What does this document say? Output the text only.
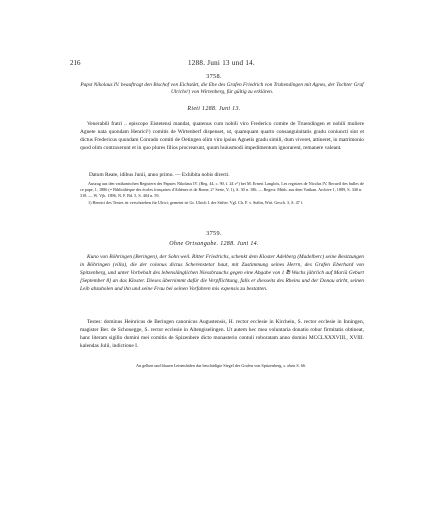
216	1288. Juni 13 und 14.
3758.
Papst Nikolaus IV. beauftragt den Bischof von Eichstätt, die Ehe des Grafen Friedrich von Truhendingen mit Agnes, der Tochter Graf Ulrichs¹) von Wirtenberg, für gültig zu erklären.
Rieti 1288. Juni 13.
Venerabili fratri .. episcopo Eistetensi mandat, quatenus cum nobili viro Frederico comite de Truendingen et nobili muliere Agnete nata quondam Henrici¹) comitis de Wirtenberf dispenset, ut, quamquam quarto consanguinitatis gradu coniuncti sint et dictus Fredericus quondam Conrado comiti de Oetingen olim viro ipsius Agnetis gradu simili, dum viveret, attineret, in matrimonio quod olim contraxerunt et in quo plures filios procrearunt, quum huiusmodi impedimentum ignorarent, remanere valeant.
Datum Reate, idibus Junii, anno primo. — Exhibita nobis directi.
Auszug aus den vatikanischen Registern des Papstes Nikolaus IV. (Reg. 44, c. 90, f. 24 v°) bei M. Ernest Langlois, Les registres de Nicolas IV, Recueil des bulles de ce pape, 1, 1886 (= Bibliothèque des écoles françaises d'Athènes et de Rome, 2° Serie, V, 1), S. 30 n. 186. — Regest: Mitth. aus dem Vatikan. Archive 1, 1889, S. 340 n. 318. — W. Vjh. 1896, N. F. Bd. 5, S. 404 n. 59.
1) Henrici des Textes ist verschrieben für Ulrici; gemeint ist Gr. Ulrich I. der Stifter. Vgl. Ch. F. v. Stälin, Wirt. Gesch. 3, S. 47 f.
3759.
Ohne Ortsangabe. 1288. Juni 14.
Kuno von Böhringen (Beringen), der Sohn weil. Ritter Friedrichs, schenkt dem Kloster Adelberg (Madelberc) seine Besitzungen in Böhringen (villa), die der colonus dictus Scherenstetar baut, mit Zustimmung seines Herrn, des Grafen Eberhard von Spitzenberg, und unter Vorbehalt des lebenslänglichen Niessbrauchs gegen eine Abgabe von 1 ℔ Wachs jährlich auf Mariä Geburt [September 8] an das Kloster. Dieses übernimmt dafür die Verpflichtung, falls er diesseits des Rheins und der Donau stirbt, seinen Leib abzuholen und ihn und seine Frau bei seinen Vorfahren mis expensis zu bestatten.
Testes: dominus Heinricus de Beringen canonicus Augustensis, H. rector ecclesie in Kirchein, S. rector ecclesie in Inningen, magister Ber. de Schonegge, S. rector ecclesie in Altengiselingen. Ut autem hec mea voluntaria donatio robur firmitatis obtineat, hanc literam sigillo domini mei comitis de Spizenbere dicto monasterio contuli roboratam anno domini MCCLXXXVIII., XVIII. kalendas Julii, indictione I.
An gelben und blauen Leinenfäden das beschädigte Siegel des Grafen von Spitzenberg, s. oben S. 66.
